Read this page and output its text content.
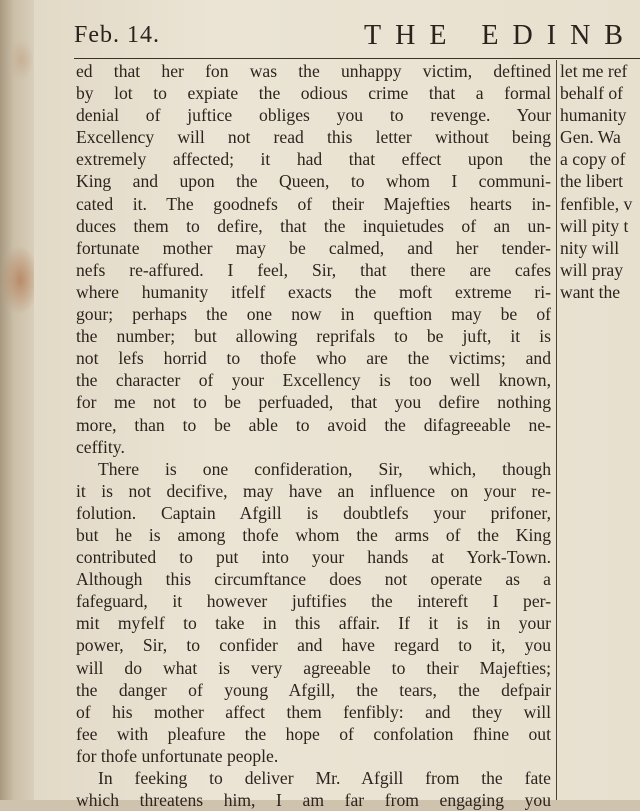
Feb. 14.	THE EDINB
ed that her fon was the unhappy victim, deftined
by lot to expiate the odious crime that a formal
denial of juftice obliges you to revenge. Your
Excellency will not read this letter without being
extremely affected; it had that effect upon the
King and upon the Queen, to whom I communi-
cated it. The goodnefs of their Majefties hearts in-
duces them to defire, that the inquietudes of an un-
fortunate mother may be calmed, and her tender-
nefs re-affured. I feel, Sir, that there are cafes
where humanity itfelf exacts the moft extreme ri-
gour; perhaps the one now in queftion may be of
the number; but allowing reprifals to be juft, it is
not lefs horrid to thofe who are the victims; and
the character of your Excellency is too well known,
for me not to be perfuaded, that you defire nothing
more, than to be able to avoid the difagreeable ne-
ceffity.
There is one confideration, Sir, which, though
it is not decifive, may have an influence on your re-
folution. Captain Afgill is doubtlefs your prifoner,
but he is among thofe whom the arms of the King
contributed to put into your hands at York-Town.
Although this circumftance does not operate as a
fafeguard, it however juftifies the intereft I per-
mit myfelf to take in this affair. If it is in your
power, Sir, to confider and have regard to it, you
will do what is very agreeable to their Majefties;
the danger of young Afgill, the tears, the defpair
of his mother affect them fenfibly: and they will
fee with pleafure the hope of confolation fhine out
for thofe unfortunate people.
In feeking to deliver Mr. Afgill from the fate
which threatens him, I am far from engaging you
let me ref
behalf of
humanity
Gen. Wa
a copy of
the libert
fenfible, v
will pity t
nity will
will pray
want the
